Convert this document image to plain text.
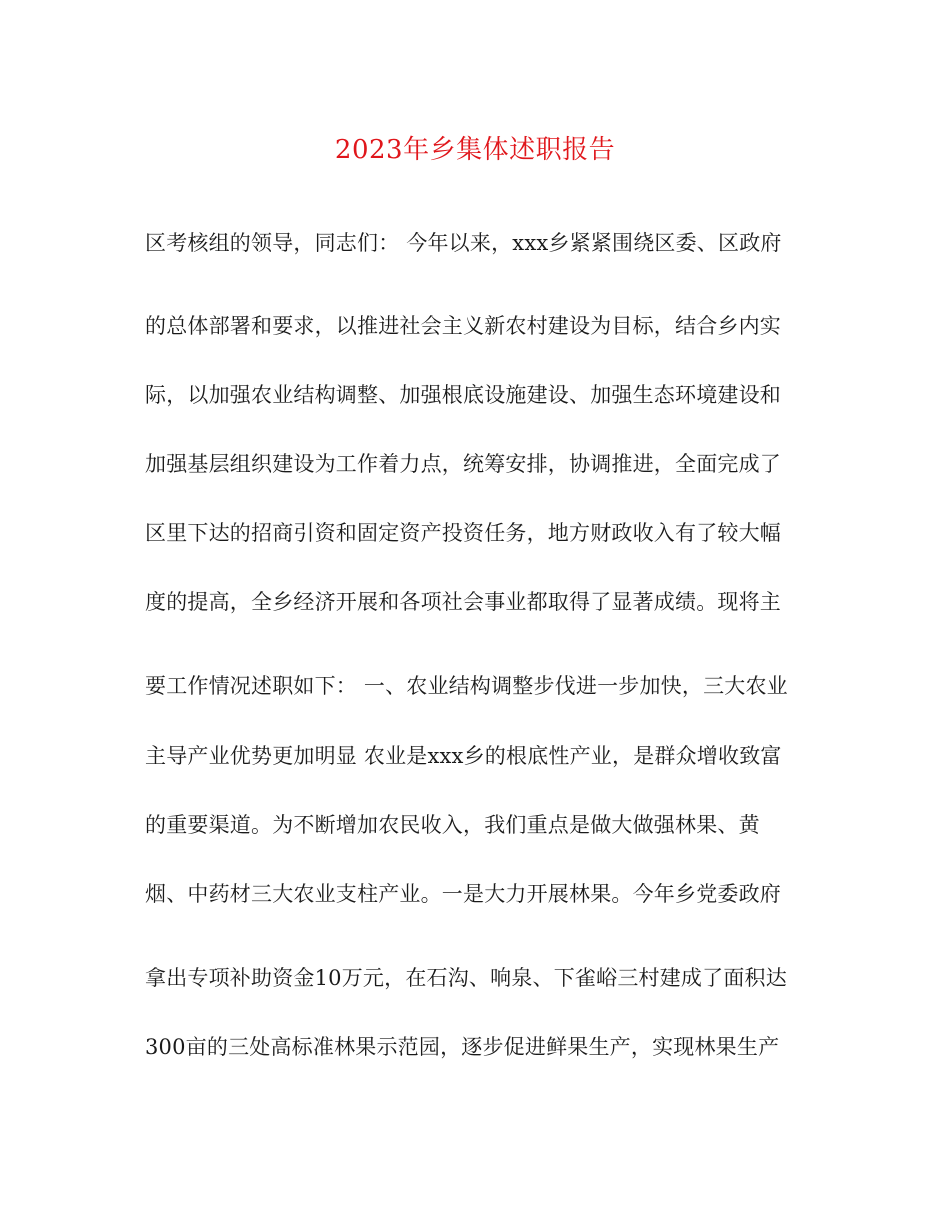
2023年乡集体述职报告
区考核组的领导，同志们： 今年以来，xxx乡紧紧围绕区委、区政府
的总体部署和要求，以推进社会主义新农村建设为目标，结合乡内实
际，以加强农业结构调整、加强根底设施建设、加强生态环境建设和
加强基层组织建设为工作着力点，统筹安排，协调推进，全面完成了
区里下达的招商引资和固定资产投资任务，地方财政收入有了较大幅
度的提高，全乡经济开展和各项社会事业都取得了显著成绩。现将主
要工作情况述职如下： 一、农业结构调整步伐进一步加快，三大农业
主导产业优势更加明显 农业是xxx乡的根底性产业，是群众增收致富
的重要渠道。为不断增加农民收入，我们重点是做大做强林果、黄
烟、中药材三大农业支柱产业。一是大力开展林果。今年乡党委政府
拿出专项补助资金10万元，在石沟、响泉、下雀峪三村建成了面积达
300亩的三处高标准林果示范园，逐步促进鲜果生产，实现林果生产
